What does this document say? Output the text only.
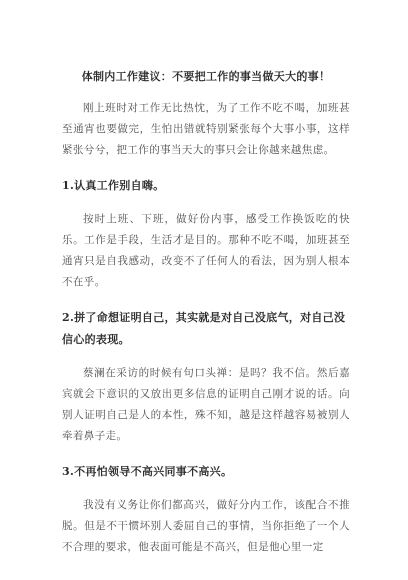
体制内工作建议：不要把工作的事当做天大的事！

刚上班时对工作无比热忱，为了工作不吃不喝，加班甚至通宵也要做完，生怕出错就特别紧张每个大事小事，这样紧张兮兮，把工作的事当天大的事只会让你越来越焦虑。

1.认真工作别自嗨。

按时上班、下班，做好份内事，感受工作换饭吃的快乐。工作是手段，生活才是目的。那种不吃不喝，加班甚至通宵只是自我感动，改变不了任何人的看法，因为别人根本不在乎。

2.拼了命想证明自己，其实就是对自己没底气，对自己没信心的表现。

蔡澜在采访的时候有句口头禅：是吗？我不信。然后嘉宾就会下意识的又放出更多信息的证明自己刚才说的话。向别人证明自己是人的本性，殊不知，越是这样越容易被别人牵着鼻子走。

3.不再怕领导不高兴同事不高兴。

我没有义务让你们都高兴，做好分内工作，该配合不推脱。但是不干惯坏别人委屈自己的事情，当你拒绝了一个人不合理的要求，他表面可能是不高兴，但是他心里一定
